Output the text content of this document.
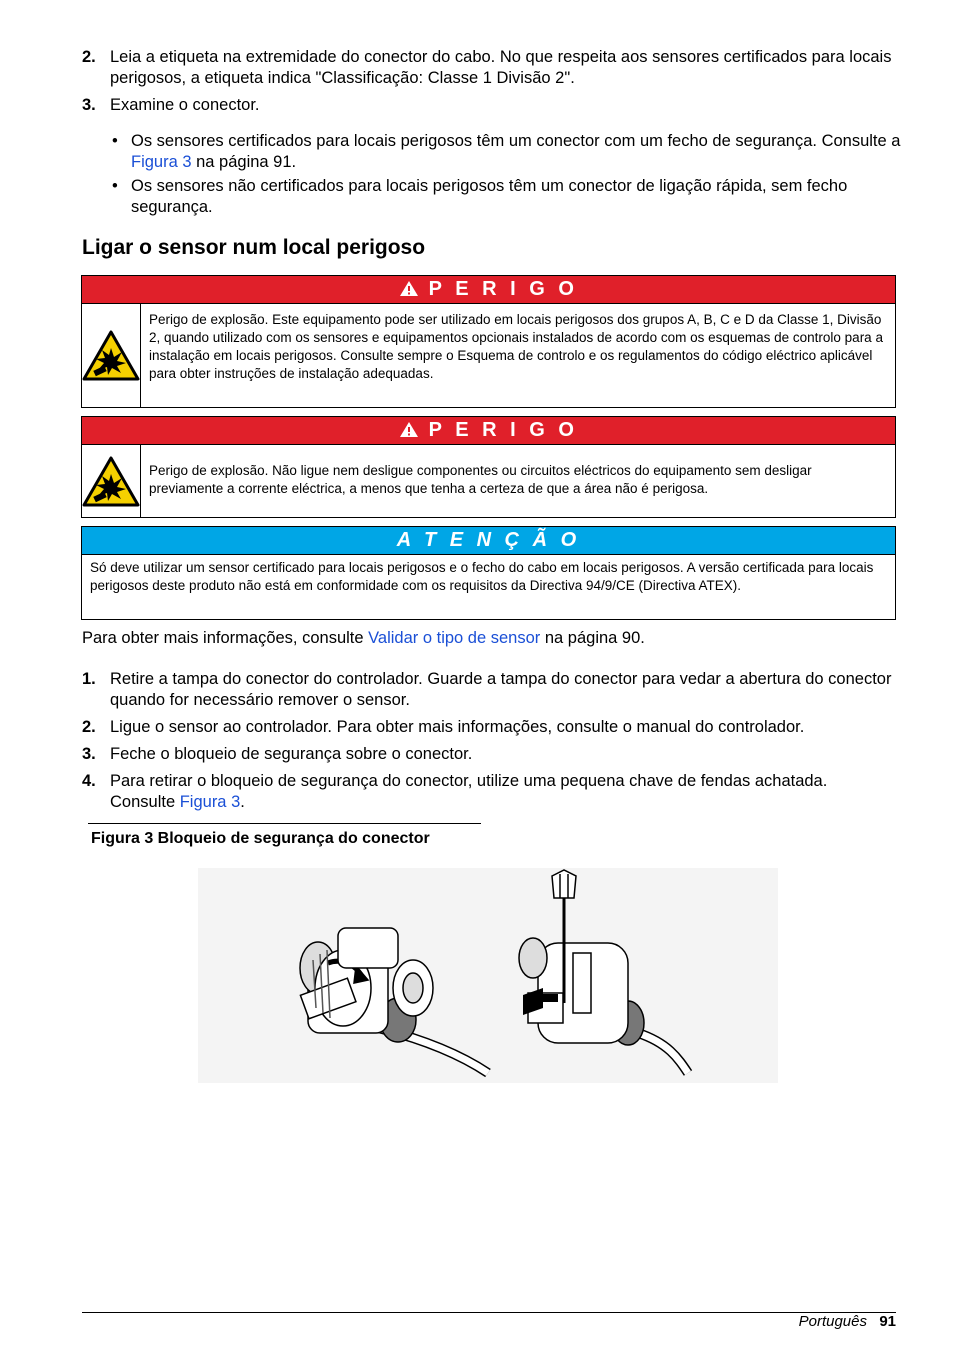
2. Leia a etiqueta na extremidade do conector do cabo. No que respeita aos sensores certificados para locais perigosos, a etiqueta indica "Classificação: Classe 1 Divisão 2".
3. Examine o conector.
• Os sensores certificados para locais perigosos têm um conector com um fecho de segurança. Consulte a Figura 3 na página 91.
• Os sensores não certificados para locais perigosos têm um conector de ligação rápida, sem fecho segurança.
Ligar o sensor num local perigoso
P E R I G O
Perigo de explosão. Este equipamento pode ser utilizado em locais perigosos dos grupos A, B, C e D da Classe 1, Divisão 2, quando utilizado com os sensores e equipamentos opcionais instalados de acordo com os esquemas de controlo para a instalação em locais perigosos. Consulte sempre o Esquema de controlo e os regulamentos do código eléctrico aplicável para obter instruções de instalação adequadas.
P E R I G O
Perigo de explosão. Não ligue nem desligue componentes ou circuitos eléctricos do equipamento sem desligar previamente a corrente eléctrica, a menos que tenha a certeza de que a área não é perigosa.
A T E N Ç Ã O
Só deve utilizar um sensor certificado para locais perigosos e o fecho do cabo em locais perigosos. A versão certificada para locais perigosos deste produto não está em conformidade com os requisitos da Directiva 94/9/CE (Directiva ATEX).
Para obter mais informações, consulte Validar o tipo de sensor na página 90.
1. Retire a tampa do conector do controlador. Guarde a tampa do conector para vedar a abertura do conector quando for necessário remover o sensor.
2. Ligue o sensor ao controlador. Para obter mais informações, consulte o manual do controlador.
3. Feche o bloqueio de segurança sobre o conector.
4. Para retirar o bloqueio de segurança do conector, utilize uma pequena chave de fendas achatada. Consulte Figura 3.
Figura 3 Bloqueio de segurança do conector
Português 91
